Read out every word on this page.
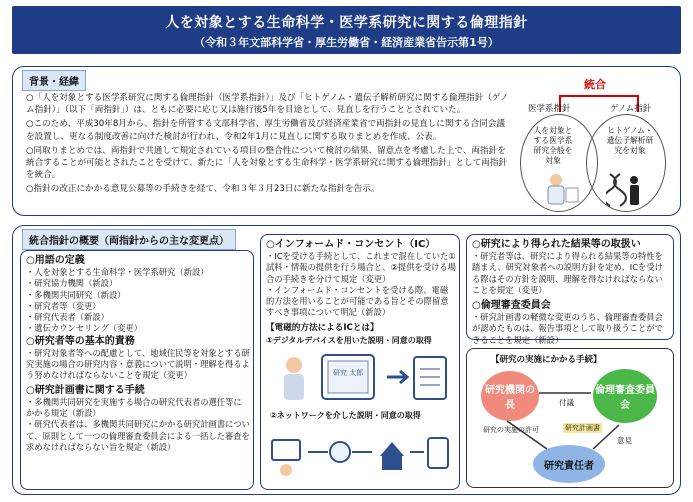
人を対象とする生命科学・医学系研究に関する倫理指針
（令和３年文部科学省・厚生労働省・経済産業省告示第1号）
背景・経緯
○「人を対象とする医学系研究に関する倫理指針（医学系指針）」及び「ヒトゲノム・遺伝子解析研究に関する倫理指針（ゲノム指針）」（以下「両指針」）は、ともに必要に応じ又は施行後5年を目途として、見直しを行うこととされていた。
○このため、平成30年8月から、指針を所管する文部科学省、厚生労働省及び経済産業省で両指針の見直しに関する合同会議を設置し、更なる制度改善に向けた検討が行われ、令和2年1月に見直しに関する取りまとめを作成、公表。
○同取りまとめでは、両指針で共通して規定されている項目の整合性について検討の結果、留意点を考慮した上で、両指針を統合することが可能とされたことを受けて、新たに「人を対象とする生命科学・医学系研究に関する倫理指針」として両指針を統合。
○指針の改正にかかる意見公募等の手続きを経て、令和３年３月23日に新たな指針を告示。
統合
医学系指針	ゲノム指針
人を対象とする医学系研究全般を対象
ヒトゲノム・遺伝子解析研究を対象
統合指針の概要（両指針からの主な変更点）
○用語の定義
・人を対象とする生命科学・医学系研究（新設）
・研究協力機関（新設）
・多機関共同研究（新設）
・研究者等（変更）
・研究代表者（新設）
・遺伝カウンセリング（変更）
○研究者等の基本的責務
・研究対象者等への配慮として、地域住民等を対象とする研究実施の場合の研究内容・意義について説明・理解を得るよう努めなければならないことを規定（変更）
○研究計画書に関する手続
・多機関共同研究を実施する場合の研究代表者の選任等にかかる規定（新設）
・研究代表者は、多機関共同研究にかかる研究計画書について、原則として一つの倫理審査委員会による一括した審査を求めなければならない旨を規定（新設）
○インフォームド・コンセント（IC）
・ICを受ける手続として、これまで混在していた①試料・情報の提供を行う場合と、②提供を受ける場合の手続きを分けて規定（変更）
・インフォームド・コンセントを受ける際、電磁的方法を用いることが可能である旨とその際留意すべき事項について明記（新設）
【電磁的方法によるICとは】
①デジタルデバイスを用いた説明・同意の取得
研究 太郎
②ネットワークを介した説明・同意の取得
○研究により得られた結果等の取扱い
・研究者等は、研究により得られる結果等の特性を踏まえ、研究対象者への説明方針を定め、ICを受ける際はその方針を説明、理解を得なければならないことを規定（変更）
○倫理審査委員会
・研究計画書の軽微な変更のうち、倫理審査委員会が認めたものは、報告事項として取り扱うことができることを規定（新設）
【研究の実施にかかる手続】
研究機関の長
倫理審査委員会
研究責任者
研究の実施の許可
付議
研究計画書
意見
